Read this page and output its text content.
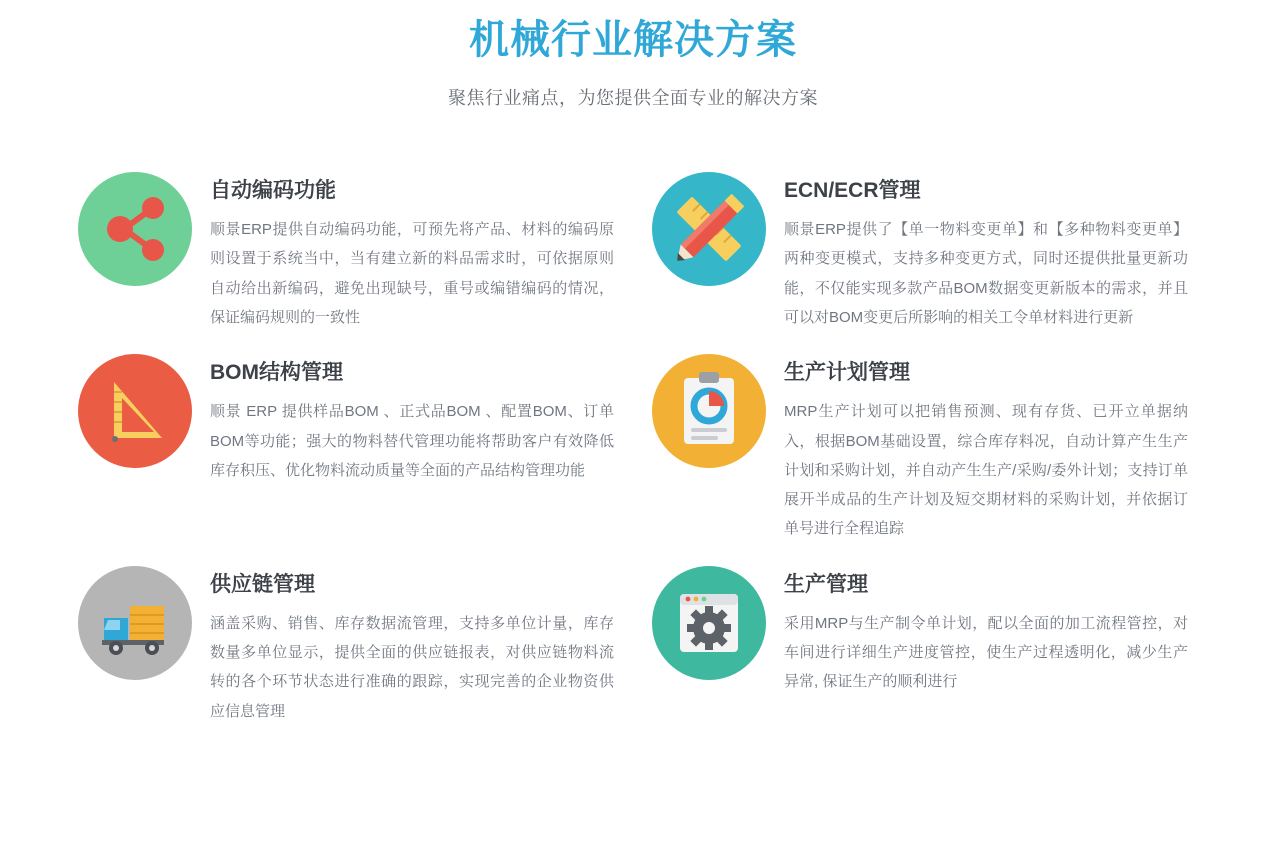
机械行业解决方案

聚焦行业痛点，为您提供全面专业的解决方案

自动编码功能

顺景ERP提供自动编码功能，可预先将产品、材料的编码原则设置于系统当中，当有建立新的料品需求时，可依据原则自动给出新编码，避免出现缺号，重号或编错编码的情况，保证编码规则的一致性

ECN/ECR管理

顺景ERP提供了【单一物料变更单】和【多种物料变更单】两种变更模式，支持多种变更方式，同时还提供批量更新功能，不仅能实现多款产品BOM数据变更新版本的需求，并且可以对BOM变更后所影响的相关工令单材料进行更新

BOM结构管理

顺景 ERP 提供样品BOM 、正式品BOM 、配置BOM、订单BOM等功能；强大的物料替代管理功能将帮助客户有效降低库存积压、优化物料流动质量等全面的产品结构管理功能

生产计划管理

MRP生产计划可以把销售预测、现有存货、已开立单据纳入，根据BOM基础设置，综合库存料况，自动计算产生生产计划和采购计划，并自动产生生产/采购/委外计划；支持订单展开半成品的生产计划及短交期材料的采购计划，并依据订单号进行全程追踪

供应链管理

涵盖采购、销售、库存数据流管理，支持多单位计量，库存数量多单位显示，提供全面的供应链报表，对供应链物料流转的各个环节状态进行准确的跟踪，实现完善的企业物资供应信息管理

生产管理

采用MRP与生产制令单计划，配以全面的加工流程管控，对车间进行详细生产进度管控，使生产过程透明化，减少生产异常, 保证生产的顺利进行
